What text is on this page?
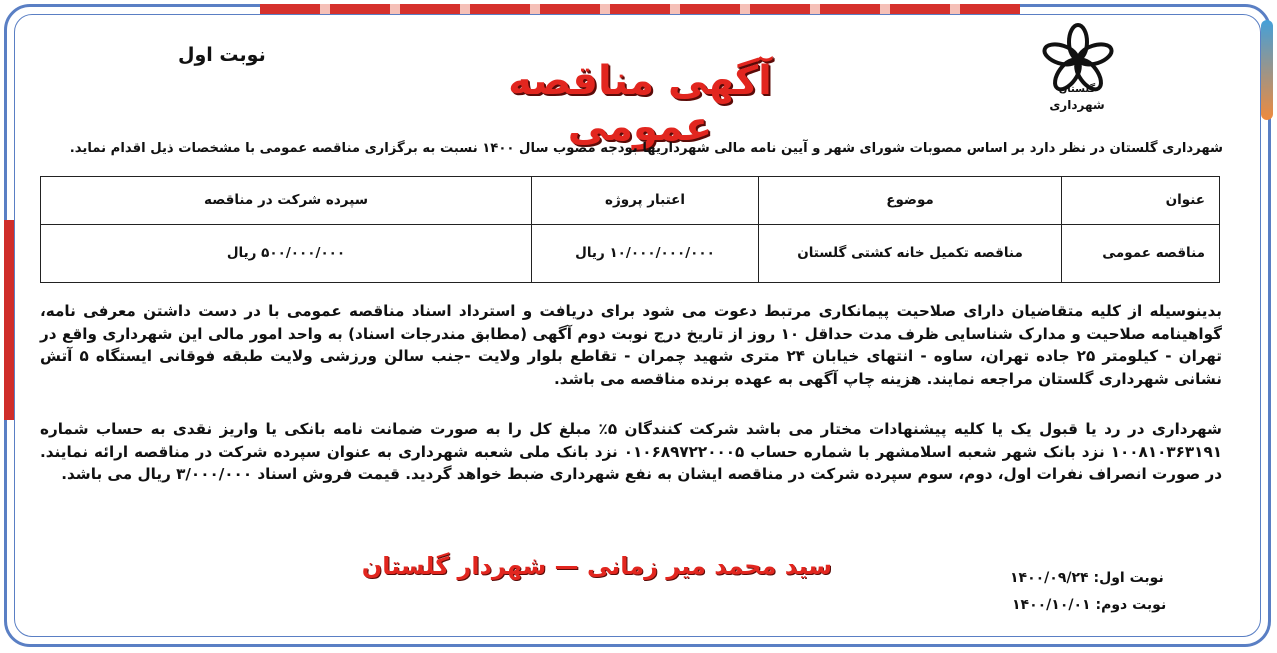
نوبت اول
آگهی مناقصه عمومی
گلستان
شهرداری
شهرداری گلستان در نظر دارد بر اساس مصوبات شورای شهر و آیین نامه مالی شهرداریها بودجه مصوب سال ۱۴۰۰ نسبت به برگزاری مناقصه عمومی با مشخصات ذیل اقدام نماید.
عنوان	موضوع	اعتبار پروژه	سپرده شرکت در مناقصه
مناقصه عمومی	مناقصه تکمیل خانه کشتی گلستان	۱۰/۰۰۰/۰۰۰/۰۰۰ ریال	۵۰۰/۰۰۰/۰۰۰ ریال
بدینوسیله از کلیه متقاضیان دارای صلاحیت پیمانکاری مرتبط دعوت می شود برای دریافت و استرداد اسناد مناقصه عمومی با در دست داشتن معرفی نامه، گواهینامه صلاحیت و مدارک شناسایی ظرف مدت حداقل ۱۰ روز از تاریخ درج نوبت دوم آگهی (مطابق مندرجات اسناد) به واحد امور مالی این شهرداری واقع در تهران - کیلومتر ۲۵ جاده تهران، ساوه - انتهای خیابان ۲۴ متری شهید چمران - تقاطع بلوار ولایت -جنب سالن ورزشی ولایت طبقه فوقانی ایستگاه ۵ آتش نشانی شهرداری گلستان مراجعه نمایند. هزینه چاپ آگهی به عهده برنده مناقصه می باشد.
شهرداری در رد یا قبول یک یا کلیه پیشنهادات مختار می باشد شرکت کنندگان ۵٪ مبلغ کل را به صورت ضمانت نامه بانکی یا واریز نقدی به حساب شماره ۱۰۰۸۱۰۳۶۳۱۹۱ نزد بانک شهر شعبه اسلامشهر با شماره حساب ۰۱۰۶۸۹۷۲۲۰۰۰۵ نزد بانک ملی شعبه شهرداری به عنوان سپرده شرکت در مناقصه ارائه نمایند. در صورت انصراف نفرات اول، دوم، سوم سپرده شرکت در مناقصه ایشان به نفع شهرداری ضبط خواهد گردید. قیمت فروش اسناد ۳/۰۰۰/۰۰۰ ریال می باشد.
سید محمد میر زمانی — شهردار گلستان	نوبت اول: ۱۴۰۰/۰۹/۲۴
نوبت دوم: ۱۴۰۰/۱۰/۰۱
